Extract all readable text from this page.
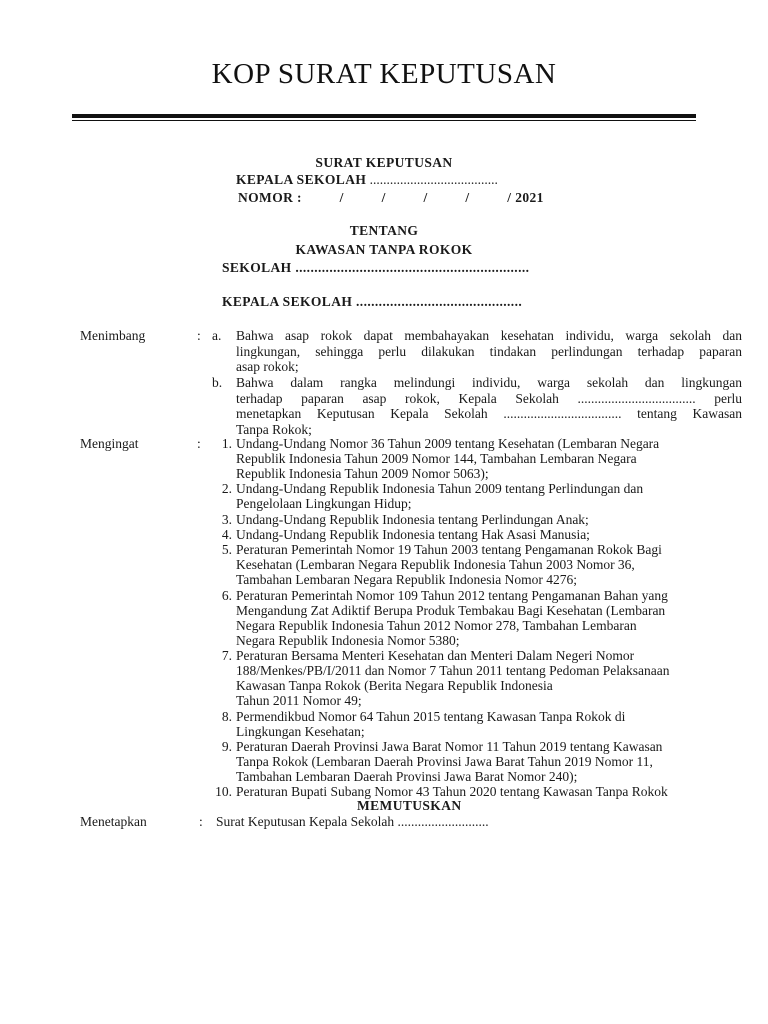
KOP SURAT KEPUTUSAN
SURAT KEPUTUSAN
KEPALA SEKOLAH ......................................
NOMOR :          /          /          /          /          / 2021
TENTANG
KAWASAN TANPA ROKOK
SEKOLAH ..............................................................
KEPALA SEKOLAH ............................................
Menimbang	: a. Bahwa asap rokok dapat membahayakan kesehatan individu, warga sekolah dan
lingkungan, sehingga perlu dilakukan tindakan perlindungan terhadap paparan
asap rokok;
b. Bahwa dalam rangka melindungi individu, warga sekolah dan lingkungan
terhadap paparan asap rokok, Kepala Sekolah ................................... perlu
menetapkan Keputusan Kepala Sekolah ................................... tentang Kawasan
Tanpa Rokok;
Mengingat	:	1. Undang-Undang Nomor 36 Tahun 2009 tentang Kesehatan (Lembaran Negara
Republik Indonesia Tahun 2009 Nomor 144, Tambahan Lembaran Negara
Republik Indonesia Tahun 2009 Nomor 5063);
2. Undang-Undang Republik Indonesia Tahun 2009 tentang Perlindungan dan
Pengelolaan Lingkungan Hidup;
3. Undang-Undang Republik Indonesia tentang Perlindungan Anak;
4. Undang-Undang Republik Indonesia tentang Hak Asasi Manusia;
5. Peraturan Pemerintah Nomor 19 Tahun 2003 tentang Pengamanan Rokok Bagi
Kesehatan (Lembaran Negara Republik Indonesia Tahun 2003 Nomor 36,
Tambahan Lembaran Negara Republik Indonesia Nomor 4276;
6. Peraturan Pemerintah Nomor 109 Tahun 2012 tentang Pengamanan Bahan yang
Mengandung Zat Adiktif Berupa Produk Tembakau Bagi Kesehatan (Lembaran
Negara Republik Indonesia Tahun 2012 Nomor 278, Tambahan Lembaran
Negara Republik Indonesia Nomor 5380;
7. Peraturan Bersama Menteri Kesehatan dan Menteri Dalam Negeri Nomor
188/Menkes/PB/I/2011 dan Nomor 7 Tahun 2011 tentang Pedoman Pelaksanaan
Kawasan Tanpa Rokok (Berita Negara Republik Indonesia
Tahun 2011 Nomor 49;
8. Permendikbud Nomor 64 Tahun 2015 tentang Kawasan Tanpa Rokok di
Lingkungan Kesehatan;
9. Peraturan Daerah Provinsi Jawa Barat Nomor 11 Tahun 2019 tentang Kawasan
Tanpa Rokok (Lembaran Daerah Provinsi Jawa Barat Tahun 2019 Nomor 11,
Tambahan Lembaran Daerah Provinsi Jawa Barat Nomor 240);
10. Peraturan Bupati Subang Nomor 43 Tahun 2020 tentang Kawasan Tanpa Rokok
MEMUTUSKAN
Menetapkan	: Surat Keputusan Kepala Sekolah ...........................
